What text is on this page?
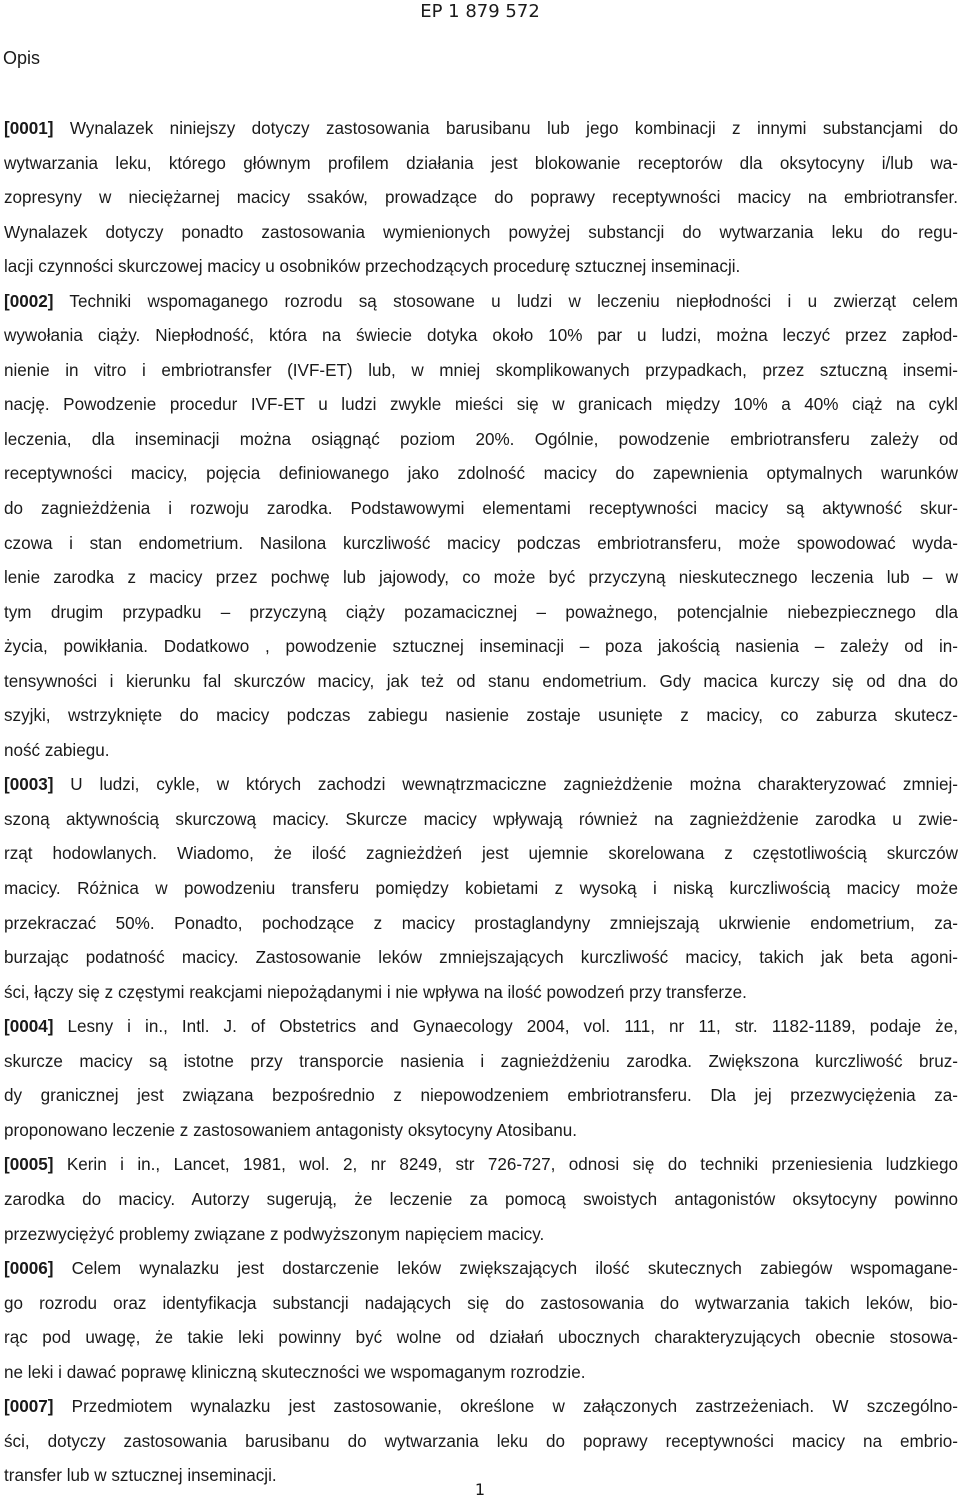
EP 1 879 572
Opis
[0001] Wynalazek niniejszy dotyczy zastosowania barusibanu lub jego kombinacji z innymi substancjami do
wytwarzania leku, którego głównym profilem działania jest blokowanie receptorów dla oksytocyny i/lub wa-
zopresyny w nieciężarnej macicy ssaków, prowadzące do poprawy receptywności macicy na embriotransfer.
Wynalazek dotyczy ponadto zastosowania wymienionych powyżej substancji do wytwarzania leku do regu-
lacji czynności skurczowej macicy u osobników przechodzących procedurę sztucznej inseminacji.
[0002] Techniki wspomaganego rozrodu są stosowane u ludzi w leczeniu niepłodności i u zwierząt celem
wywołania ciąży. Niepłodność, która na świecie dotyka około 10% par u ludzi, można leczyć przez zapłod-
nienie in vitro i embriotransfer (IVF-ET) lub, w mniej skomplikowanych przypadkach, przez sztuczną insemi-
nację. Powodzenie procedur IVF-ET u ludzi zwykle mieści się w granicach między 10% a 40% ciąż na cykl
leczenia, dla inseminacji można osiągnąć poziom 20%. Ogólnie, powodzenie embriotransferu zależy od
receptywności macicy, pojęcia definiowanego jako zdolność macicy do zapewnienia optymalnych warunków
do zagnieżdżenia i rozwoju zarodka. Podstawowymi elementami receptywności macicy są aktywność skur-
czowa i stan endometrium. Nasilona kurczliwość macicy podczas embriotransferu, może spowodować wyda-
lenie zarodka z macicy przez pochwę lub jajowody, co może być przyczyną nieskutecznego leczenia lub – w
tym drugim przypadku – przyczyną ciąży pozamacicznej – poważnego, potencjalnie niebezpiecznego dla
życia, powikłania. Dodatkowo , powodzenie sztucznej inseminacji – poza jakością nasienia – zależy od in-
tensywności i kierunku fal skurczów macicy, jak też od stanu endometrium. Gdy macica kurczy się od dna do
szyjki, wstrzyknięte do macicy podczas zabiegu nasienie zostaje usunięte z macicy, co zaburza skutecz-
ność zabiegu.
[0003] U ludzi, cykle, w których zachodzi wewnątrzmaciczne zagnieżdżenie można charakteryzować zmniej-
szoną aktywnością skurczową macicy. Skurcze macicy wpływają również na zagnieżdżenie zarodka u zwie-
rząt hodowlanych. Wiadomo, że ilość zagnieżdżeń jest ujemnie skorelowana z częstotliwością skurczów
macicy. Różnica w powodzeniu transferu pomiędzy kobietami z wysoką i niską kurczliwością macicy może
przekraczać 50%. Ponadto, pochodzące z macicy prostaglandyny zmniejszają ukrwienie endometrium, za-
burzając podatność macicy. Zastosowanie leków zmniejszających kurczliwość macicy, takich jak beta agoni-
ści, łączy się z częstymi reakcjami niepożądanymi i nie wpływa na ilość powodzeń przy transferze.
[0004] Lesny i in., Intl. J. of Obstetrics and Gynaecology 2004, vol. 111, nr 11, str. 1182-1189, podaje że,
skurcze macicy są istotne przy transporcie nasienia i zagnieżdżeniu zarodka. Zwiększona kurczliwość bruz-
dy granicznej jest związana bezpośrednio z niepowodzeniem embriotransferu. Dla jej przezwyciężenia za-
proponowano leczenie z zastosowaniem antagonisty oksytocyny Atosibanu.
[0005] Kerin i in., Lancet, 1981, wol. 2, nr 8249, str 726-727, odnosi się do techniki przeniesienia ludzkiego
zarodka do macicy. Autorzy sugerują, że leczenie za pomocą swoistych antagonistów oksytocyny powinno
przezwyciężyć problemy związane z podwyższonym napięciem macicy.
[0006] Celem wynalazku jest dostarczenie leków zwiększających ilość skutecznych zabiegów wspomagane-
go rozrodu oraz identyfikacja substancji nadających się do zastosowania do wytwarzania takich leków, bio-
rąc pod uwagę, że takie leki powinny być wolne od działań ubocznych charakteryzujących obecnie stosowa-
ne leki i dawać poprawę kliniczną skuteczności we wspomaganym rozrodzie.
[0007] Przedmiotem wynalazku jest zastosowanie, określone w załączonych zastrzeżeniach. W szczególno-
ści, dotyczy zastosowania barusibanu do wytwarzania leku do poprawy receptywności macicy na embrio-
transfer lub w sztucznej inseminacji.
1
